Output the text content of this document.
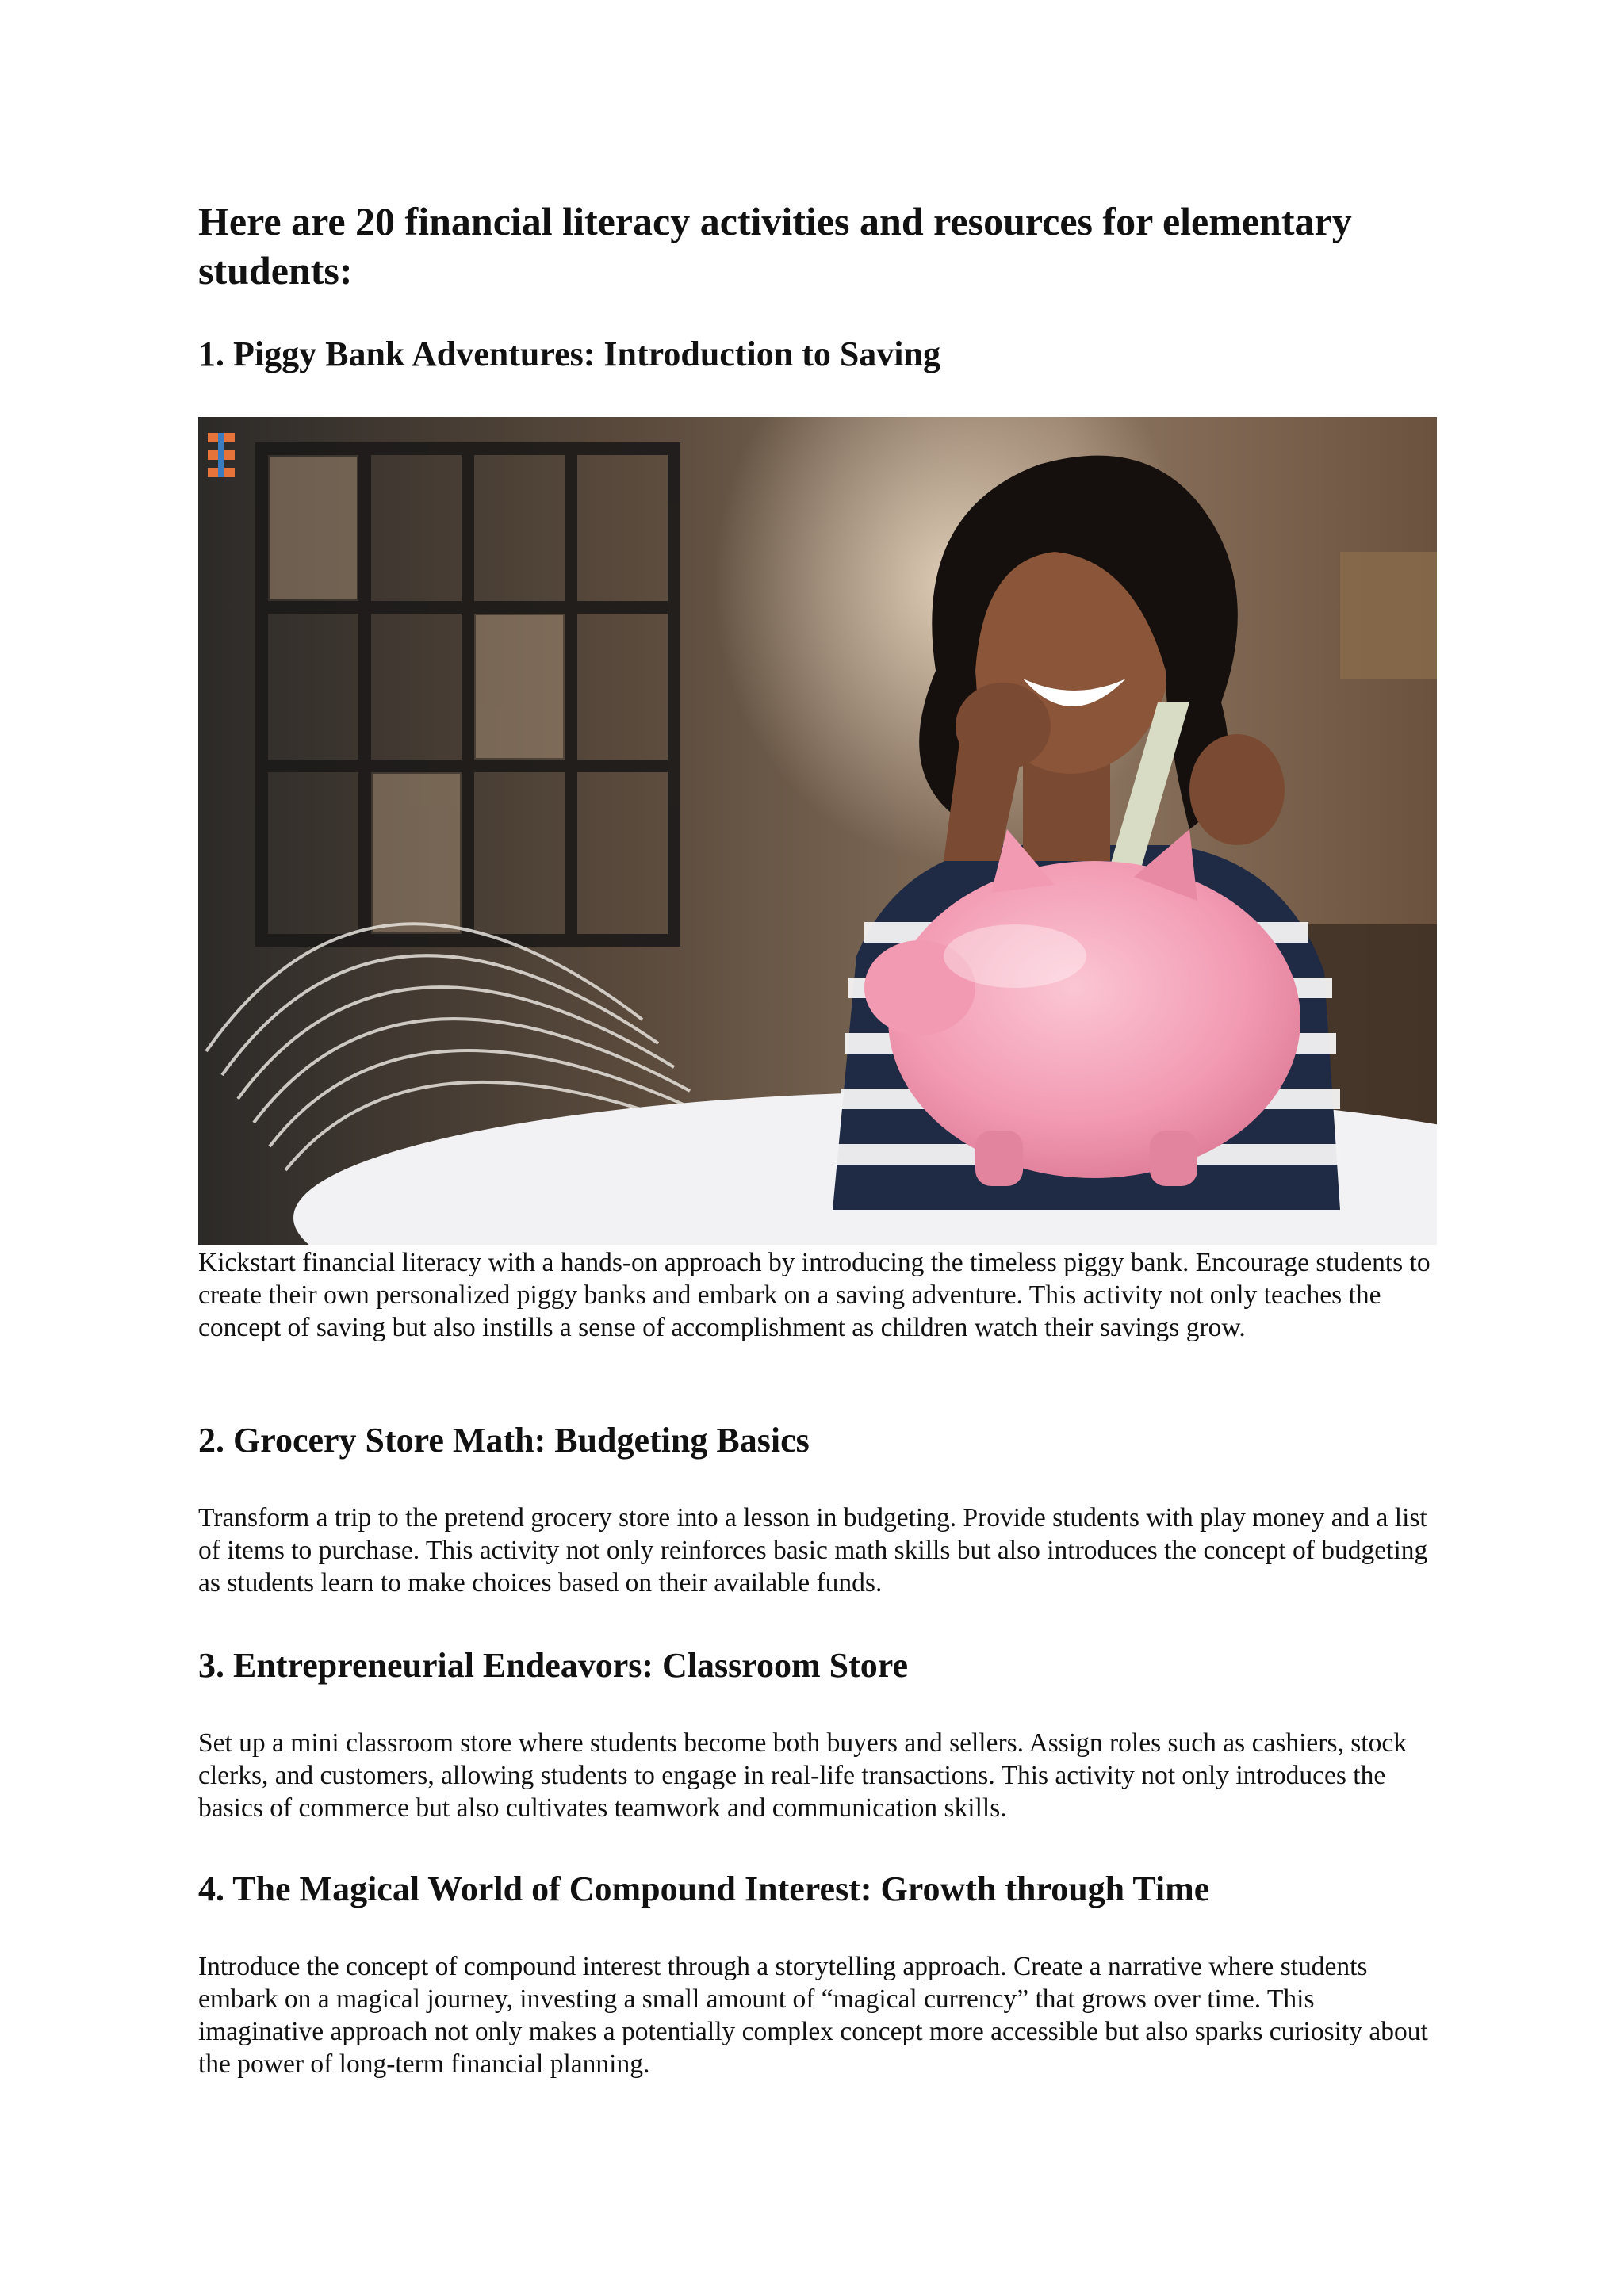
Here are 20 financial literacy activities and resources for elementary students:
1. Piggy Bank Adventures: Introduction to Saving

Kickstart financial literacy with a hands-on approach by introducing the timeless piggy bank. Encourage students to create their own personalized piggy banks and embark on a saving adventure. This activity not only teaches the concept of saving but also instills a sense of accomplishment as children watch their savings grow.

2. Grocery Store Math: Budgeting Basics

Transform a trip to the pretend grocery store into a lesson in budgeting. Provide students with play money and a list of items to purchase. This activity not only reinforces basic math skills but also introduces the concept of budgeting as students learn to make choices based on their available funds.

3. Entrepreneurial Endeavors: Classroom Store

Set up a mini classroom store where students become both buyers and sellers. Assign roles such as cashiers, stock clerks, and customers, allowing students to engage in real-life transactions. This activity not only introduces the basics of commerce but also cultivates teamwork and communication skills.

4. The Magical World of Compound Interest: Growth through Time

Introduce the concept of compound interest through a storytelling approach. Create a narrative where students embark on a magical journey, investing a small amount of “magical currency” that grows over time. This imaginative approach not only makes a potentially complex concept more accessible but also sparks curiosity about the power of long-term financial planning.
